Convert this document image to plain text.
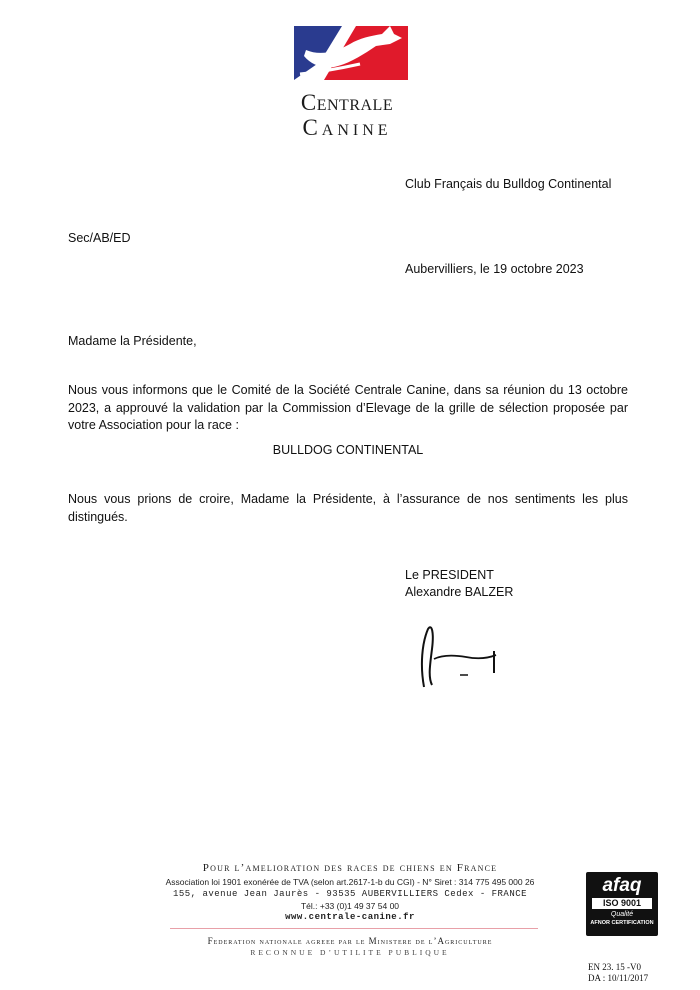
Centrale
Canine
Club Français du Bulldog Continental
Sec/AB/ED
Aubervilliers, le 19 octobre 2023
Madame la Présidente,
Nous vous informons que le Comité de la Société Centrale Canine, dans sa réunion du 13 octobre 2023, a approuvé la validation par la Commission d’Elevage de la grille de sélection proposée par votre Association pour la race :
BULLDOG CONTINENTAL
Nous vous prions de croire, Madame la Présidente, à l’assurance de nos sentiments les plus distingués.
Le PRESIDENT
Alexandre BALZER
Pour l’amelioration des races de chiens en France
Association loi 1901 exonérée de TVA (selon art.2617-1-b du CGI) - N° Siret : 314 775 495 000 26
155, avenue Jean Jaurès - 93535 AUBERVILLIERS Cedex - FRANCE
Tél.: +33 (0)1 49 37 54 00
www.centrale-canine.fr
Federation nationale agreee par le Ministere de l’Agriculture
RECONNUE D’UTILITE PUBLIQUE
afaq
ISO 9001
Qualité
AFNOR CERTIFICATION
EN 23. 15 -V0
DA : 10/11/2017
